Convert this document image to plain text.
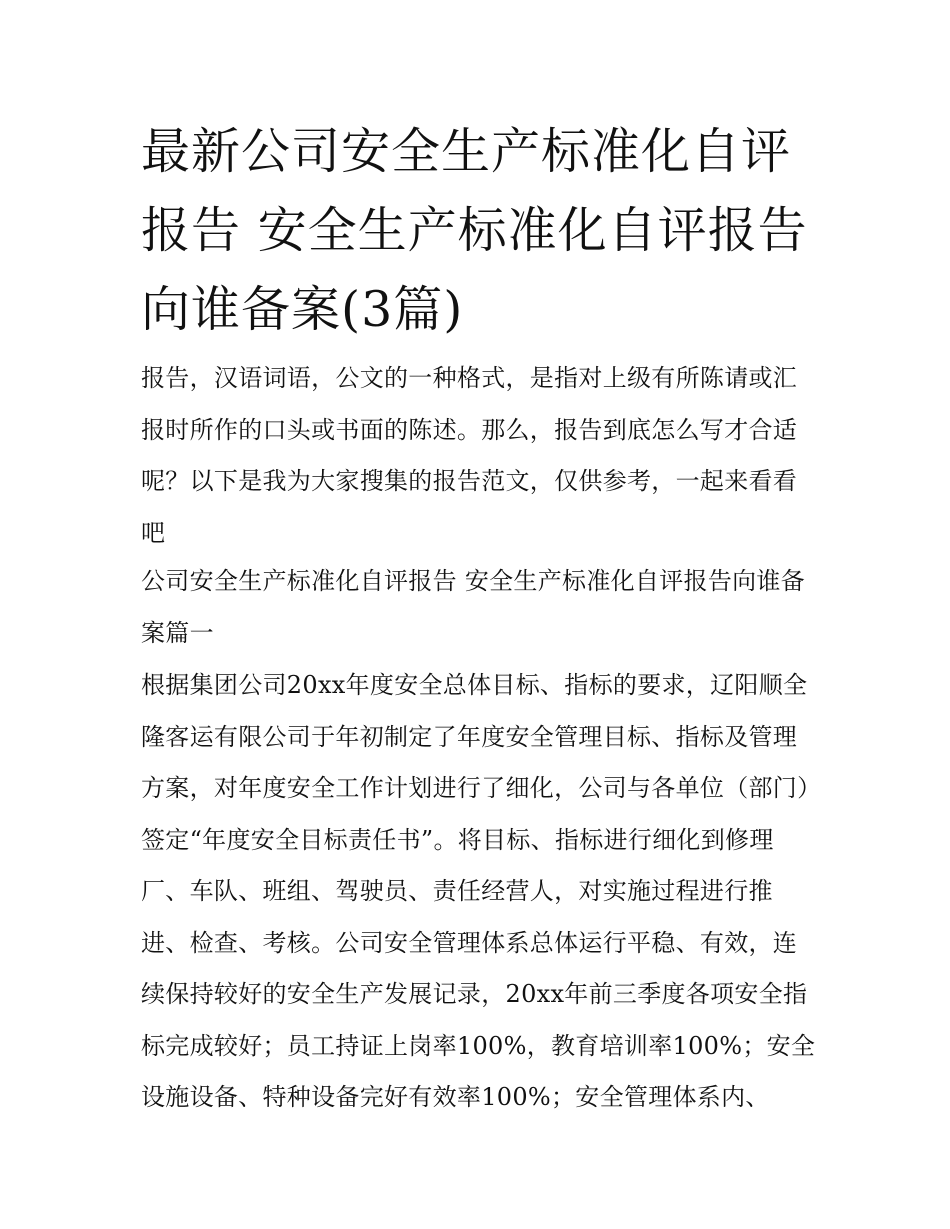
最新公司安全生产标准化自评报告 安全生产标准化自评报告向谁备案(3篇)

报告，汉语词语，公文的一种格式，是指对上级有所陈请或汇报时所作的口头或书面的陈述。那么，报告到底怎么写才合适呢？以下是我为大家搜集的报告范文，仅供参考，一起来看看吧

公司安全生产标准化自评报告 安全生产标准化自评报告向谁备案篇一

根据集团公司20xx年度安全总体目标、指标的要求，辽阳顺全隆客运有限公司于年初制定了年度安全管理目标、指标及管理方案，对年度安全工作计划进行了细化，公司与各单位（部门）签定“年度安全目标责任书”。将目标、指标进行细化到修理厂、车队、班组、驾驶员、责任经营人，对实施过程进行推进、检查、考核。公司安全管理体系总体运行平稳、有效，连续保持较好的安全生产发展记录，20xx年前三季度各项安全指标完成较好；员工持证上岗率100%，教育培训率100%；安全设施设备、特种设备完好有效率100%；安全管理体系内、
